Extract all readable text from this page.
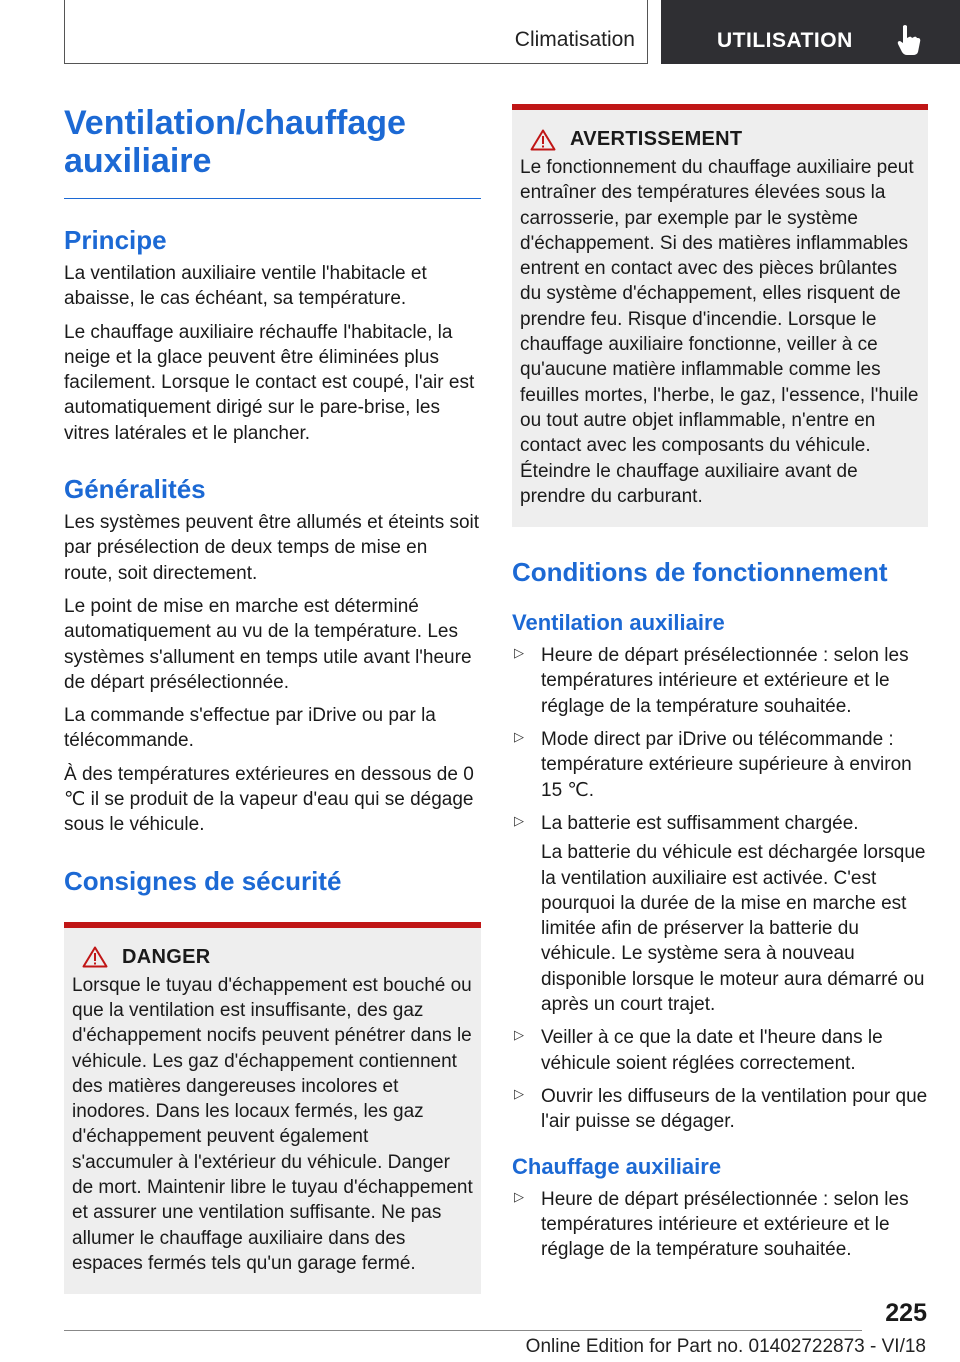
Climatisation	UTILISATION
Ventilation/chauffage
auxiliaire
Principe

La ventilation auxiliaire ventile l'habitacle et abaisse, le cas échéant, sa température.

Le chauffage auxiliaire réchauffe l'habitacle, la neige et la glace peuvent être éliminées plus facilement. Lorsque le contact est coupé, l'air est automatiquement dirigé sur le pare-brise, les vitres latérales et le plancher.

Généralités

Les systèmes peuvent être allumés et éteints soit par présélection de deux temps de mise en route, soit directement.

Le point de mise en marche est déterminé automatiquement au vu de la température. Les systèmes s'allument en temps utile avant l'heure de départ présélectionnée.

La commande s'effectue par iDrive ou par la télécommande.

À des températures extérieures en dessous de 0 ℃ il se produit de la vapeur d'eau qui se dégage sous le véhicule.

Consignes de sécurité
DANGER

Lorsque le tuyau d'échappement est bouché ou que la ventilation est insuffisante, des gaz d'échappement nocifs peuvent pénétrer dans le véhicule. Les gaz d'échappement contiennent des matières dangereuses incolores et inodores. Dans les locaux fermés, les gaz d'échappement peuvent également s'accumuler à l'extérieur du véhicule. Danger de mort. Maintenir libre le tuyau d'échappement et assurer une ventilation suffisante. Ne pas allumer le chauffage auxiliaire dans des espaces fermés tels qu'un garage fermé.

AVERTISSEMENT

Le fonctionnement du chauffage auxiliaire peut entraîner des températures élevées sous la carrosserie, par exemple par le système d'échappement. Si des matières inflammables entrent en contact avec des pièces brûlantes du système d'échappement, elles risquent de prendre feu. Risque d'incendie. Lorsque le chauffage auxiliaire fonctionne, veiller à ce qu'aucune matière inflammable comme les feuilles mortes, l'herbe, le gaz, l'essence, l'huile ou tout autre objet inflammable, n'entre en contact avec les composants du véhicule. Éteindre le chauffage auxiliaire avant de prendre du carburant.

Conditions de fonctionnement
Ventilation auxiliaire
▷ Heure de départ présélectionnée : selon les températures intérieure et extérieure et le réglage de la température souhaitée.

▷ Mode direct par iDrive ou télécommande : température extérieure supérieure à environ 15 ℃.

▷ La batterie est suffisamment chargée.

La batterie du véhicule est déchargée lorsque la ventilation auxiliaire est activée. C'est pourquoi la durée de la mise en marche est limitée afin de préserver la batterie du véhicule. Le système sera à nouveau disponible lorsque le moteur aura démarré ou après un court trajet.

▷ Veiller à ce que la date et l'heure dans le véhicule soient réglées correctement.

▷ Ouvrir les diffuseurs de la ventilation pour que l'air puisse se dégager.

Chauffage auxiliaire
▷ Heure de départ présélectionnée : selon les températures intérieure et extérieure et le réglage de la température souhaitée.

225
Online Edition for Part no. 01402722873 - VI/18
